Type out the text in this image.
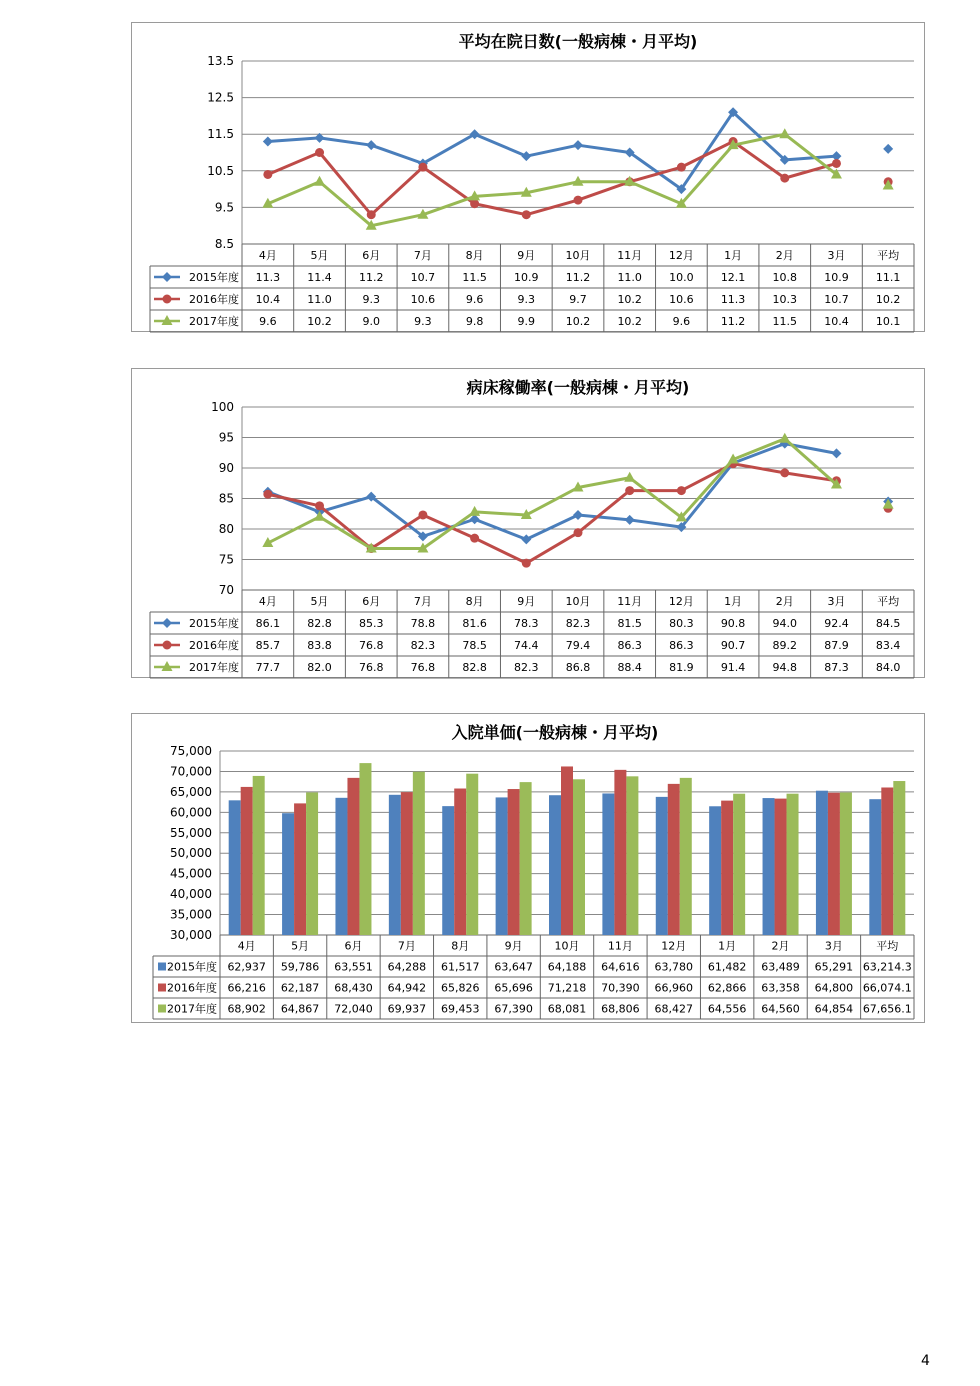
平均在院日数(一般病棟・月平均)
13.5
12.5
11.5
10.5
9.5
8.5
4月	5月	6月	7月	8月	9月	10月 11月 12月	1月	2月	3月	平均
2015年度 11.3 11.4 11.2 10.7 11.5 10.9 11.2 11.0 10.0 12.1 10.8 10.9 11.1
2016年度 10.4 11.0	9.3	10.6	9.6	9.3	9.7	10.2 10.6 11.3 10.3 10.7 10.2
2017年度 9.6	10.2	9.0	9.3	9.8	9.9	10.2 10.2	9.6	11.2 11.5 10.4 10.1
病床稼働率(一般病棟・月平均)
100
95
90
85
80
75
70
4月	5月	6月	7月	8月	9月	10月 11月 12月	1月	2月	3月	平均
2015年度 86.1 82.8 85.3 78.8 81.6 78.3 82.3 81.5 80.3 90.8 94.0 92.4 84.5
2016年度 85.7 83.8 76.8 82.3 78.5 74.4 79.4 86.3 86.3 90.7 89.2 87.9 83.4
2017年度 77.7 82.0 76.8 76.8 82.8 82.3 86.8 88.4 81.9 91.4 94.8 87.3 84.0
入院単価(一般病棟・月平均)
75,000
70,000
65,000
60,000
55,000
50,000
45,000
40,000
35,000
30,000
4月	5月	6月	7月	8月	9月	10月	11月	12月	1月	2月	3月	平均
2015年度 62,937 59,786 63,551 64,288 61,517 63,647 64,188 64,616 63,780 61,482 63,489 65,291 63,214.3
2016年度 66,216 62,187 68,430 64,942 65,826 65,696 71,218 70,390 66,960 62,866 63,358 64,800 66,074.1
2017年度 68,902 64,867 72,040 69,937 69,453 67,390 68,081 68,806 68,427 64,556 64,560 64,854 67,656.1
4
